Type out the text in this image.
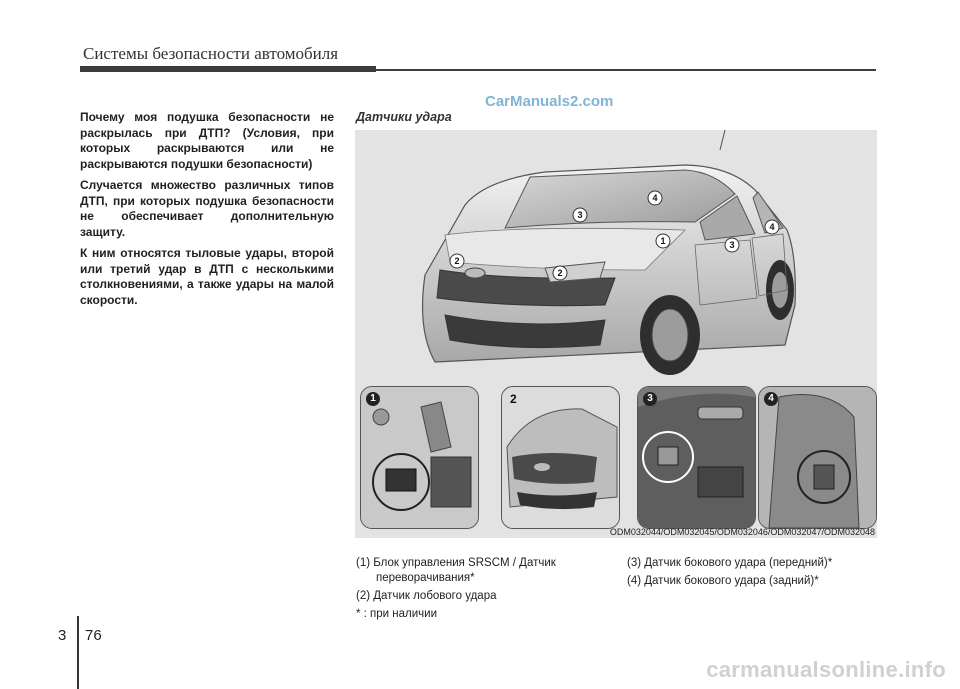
Системы безопасности автомобиля

Почему моя подушка безопасности не раскрылась при ДТП? (Условия, при которых раскрываются или не раскрываются подушки безопасности)

Случается множество различных типов ДТП, при которых подушка безопасности не обеспечивает дополнительную защиту.

К ним относятся тыловые удары, второй или третий удар в ДТП с несколькими столкновениями, а также удары на малой скорости.

CarManuals2.com
Датчики удара
1
2
2
3
3
4
4
1	2	3	4
ODM032044/ODM032045/ODM032046/ODM032047/ODM032048
(1) Блок управления SRSCM / Датчик
переворачивания*
(2) Датчик лобового удара
* : при наличии
(3) Датчик бокового удара (передний)*
(4) Датчик бокового удара (задний)*
3 76
carmanualsonline.info
